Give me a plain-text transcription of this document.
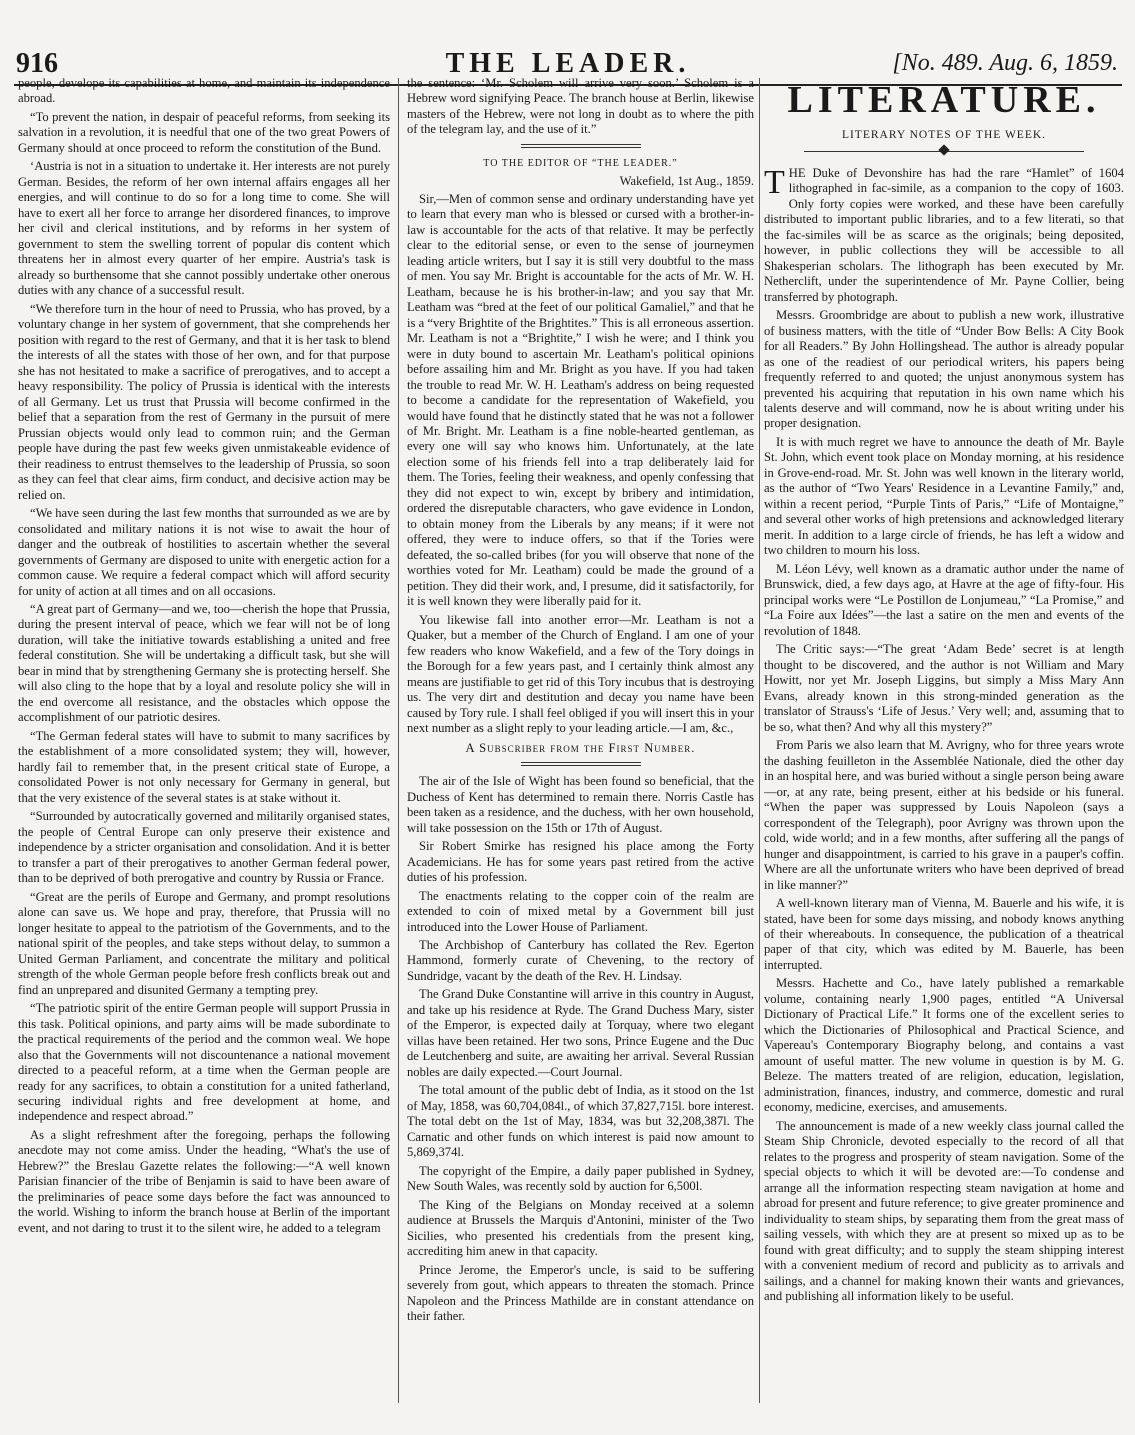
916	THE LEADER.	[No. 489. Aug. 6, 1859.

people, develope its capabilities at home, and maintain its independence abroad.

“To prevent the nation, in despair of peaceful reforms, from seeking its salvation in a revolution, it is needful that one of the two great Powers of Germany should at once proceed to reform the constitution of the Bund.

‘Austria is not in a situation to undertake it. Her interests are not purely German. Besides, the reform of her own internal affairs engages all her energies, and will continue to do so for a long time to come. She will have to exert all her force to arrange her disordered finances, to improve her civil and clerical institutions, and by reforms in her system of government to stem the swelling torrent of popular dis content which threatens her in almost every quarter of her empire. Austria's task is already so burthensome that she cannot possibly undertake other onerous duties with any chance of a successful result.

“We therefore turn in the hour of need to Prussia, who has proved, by a voluntary change in her system of government, that she comprehends her position with regard to the rest of Germany, and that it is her task to blend the interests of all the states with those of her own, and for that purpose she has not hesitated to make a sacrifice of prerogatives, and to accept a heavy responsibility. The policy of Prussia is identical with the interests of all Germany. Let us trust that Prussia will become confirmed in the belief that a separation from the rest of Germany in the pursuit of mere Prussian objects would only lead to common ruin; and the German people have during the past few weeks given unmistakeable evidence of their readiness to entrust themselves to the leadership of Prussia, so soon as they can feel that clear aims, firm conduct, and decisive action may be relied on.

“We have seen during the last few months that surrounded as we are by consolidated and military nations it is not wise to await the hour of danger and the outbreak of hostilities to ascertain whether the several governments of Germany are disposed to unite with energetic action for a common cause. We require a federal compact which will afford security for unity of action at all times and on all occasions.

“A great part of Germany—and we, too—cherish the hope that Prussia, during the present interval of peace, which we fear will not be of long duration, will take the initiative towards establishing a united and free federal constitution. She will be undertaking a difficult task, but she will bear in mind that by strengthening Germany she is protecting herself. She will also cling to the hope that by a loyal and resolute policy she will in the end overcome all resistance, and the obstacles which oppose the accomplishment of our patriotic desires.

“The German federal states will have to submit to many sacrifices by the establishment of a more consolidated system; they will, however, hardly fail to remember that, in the present critical state of Europe, a consolidated Power is not only necessary for Germany in general, but that the very existence of the several states is at stake without it.

“Surrounded by autocratically governed and militarily organised states, the people of Central Europe can only preserve their existence and independence by a stricter organisation and consolidation. And it is better to transfer a part of their prerogatives to another German federal power, than to be deprived of both prerogative and country by Russia or France.

“Great are the perils of Europe and Germany, and prompt resolutions alone can save us. We hope and pray, therefore, that Prussia will no longer hesitate to appeal to the patriotism of the Governments, and to the national spirit of the peoples, and take steps without delay, to summon a United German Parliament, and concentrate the military and political strength of the whole German people before fresh conflicts break out and find an unprepared and disunited Germany a tempting prey.

“The patriotic spirit of the entire German people will support Prussia in this task. Political opinions, and party aims will be made subordinate to the practical requirements of the period and the common weal. We hope also that the Governments will not discountenance a national movement directed to a peaceful reform, at a time when the German people are ready for any sacrifices, to obtain a constitution for a united fatherland, securing individual rights and free development at home, and independence and respect abroad.”

As a slight refreshment after the foregoing, perhaps the following anecdote may not come amiss. Under the heading, “What's the use of Hebrew?” the Breslau Gazette relates the following:—“A well known Parisian financier of the tribe of Benjamin is said to have been aware of the preliminaries of peace some days before the fact was announced to the world. Wishing to inform the branch house at Berlin of the important event, and not daring to trust it to the silent wire, he added to a telegram

the sentence: ‘Mr. Scholem will arrive very soon.’ Scholem is a Hebrew word signifying Peace. The branch house at Berlin, likewise masters of the Hebrew, were not long in doubt as to where the pith of the telegram lay, and the use of it.”

TO THE EDITOR OF “THE LEADER.”
Wakefield, 1st Aug., 1859.

Sir,—Men of common sense and ordinary understanding have yet to learn that every man who is blessed or cursed with a brother-in-law is accountable for the acts of that relative. It may be perfectly clear to the editorial sense, or even to the sense of journeymen leading article writers, but I say it is still very doubtful to the mass of men. You say Mr. Bright is accountable for the acts of Mr. W. H. Leatham, because he is his brother-in-law; and you say that Mr. Leatham was “bred at the feet of our political Gamaliel,” and that he is a “very Brightite of the Brightites.” This is all erroneous assertion. Mr. Leatham is not a “Brightite,” I wish he were; and I think you were in duty bound to ascertain Mr. Leatham's political opinions before assailing him and Mr. Bright as you have. If you had taken the trouble to read Mr. W. H. Leatham's address on being requested to become a candidate for the representation of Wakefield, you would have found that he distinctly stated that he was not a follower of Mr. Bright. Mr. Leatham is a fine noble-hearted gentleman, as every one will say who knows him. Unfortunately, at the late election some of his friends fell into a trap deliberately laid for them. The Tories, feeling their weakness, and openly confessing that they did not expect to win, except by bribery and intimidation, ordered the disreputable characters, who gave evidence in London, to obtain money from the Liberals by any means; if it were not offered, they were to induce offers, so that if the Tories were defeated, the so-called bribes (for you will observe that none of the worthies voted for Mr. Leatham) could be made the ground of a petition. They did their work, and, I presume, did it satisfactorily, for it is well known they were liberally paid for it.

You likewise fall into another error—Mr. Leatham is not a Quaker, but a member of the Church of England. I am one of your few readers who know Wakefield, and a few of the Tory doings in the Borough for a few years past, and I certainly think almost any means are justifiable to get rid of this Tory incubus that is destroying us. The very dirt and destitution and decay you name have been caused by Tory rule. I shall feel obliged if you will insert this in your next number as a slight reply to your leading article.—I am, &c.,

A Subscriber from the First Number.

The air of the Isle of Wight has been found so beneficial, that the Duchess of Kent has determined to remain there. Norris Castle has been taken as a residence, and the duchess, with her own household, will take possession on the 15th or 17th of August.

Sir Robert Smirke has resigned his place among the Forty Academicians. He has for some years past retired from the active duties of his profession.

The enactments relating to the copper coin of the realm are extended to coin of mixed metal by a Government bill just introduced into the Lower House of Parliament.

The Archbishop of Canterbury has collated the Rev. Egerton Hammond, formerly curate of Chevening, to the rectory of Sundridge, vacant by the death of the Rev. H. Lindsay.

The Grand Duke Constantine will arrive in this country in August, and take up his residence at Ryde. The Grand Duchess Mary, sister of the Emperor, is expected daily at Torquay, where two elegant villas have been retained. Her two sons, Prince Eugene and the Duc de Leutchenberg and suite, are awaiting her arrival. Several Russian nobles are daily expected.—Court Journal.

The total amount of the public debt of India, as it stood on the 1st of May, 1858, was 60,704,084l., of which 37,827,715l. bore interest. The total debt on the 1st of May, 1834, was but 32,208,387l. The Carnatic and other funds on which interest is paid now amount to 5,869,374l.

The copyright of the Empire, a daily paper published in Sydney, New South Wales, was recently sold by auction for 6,500l.

The King of the Belgians on Monday received at a solemn audience at Brussels the Marquis d'Antonini, minister of the Two Sicilies, who presented his credentials from the present king, accrediting him anew in that capacity.

Prince Jerome, the Emperor's uncle, is said to be suffering severely from gout, which appears to threaten the stomach. Prince Napoleon and the Princess Mathilde are in constant attendance on their father.

LITERATURE.
LITERARY NOTES OF THE WEEK.

THE Duke of Devonshire has had the rare “Hamlet” of 1604 lithographed in fac-simile, as a companion to the copy of 1603. Only forty copies were worked, and these have been carefully distributed to important public libraries, and to a few literati, so that the fac-similes will be as scarce as the originals; being deposited, however, in public collections they will be accessible to all Shakesperian scholars. The lithograph has been executed by Mr. Netherclift, under the superintendence of Mr. Payne Collier, being transferred by photograph.

Messrs. Groombridge are about to publish a new work, illustrative of business matters, with the title of “Under Bow Bells: A City Book for all Readers.” By John Hollingshead. The author is already popular as one of the readiest of our periodical writers, his papers being frequently referred to and quoted; the unjust anonymous system has prevented his acquiring that reputation in his own name which his talents deserve and will command, now he is about writing under his proper designation.

It is with much regret we have to announce the death of Mr. Bayle St. John, which event took place on Monday morning, at his residence in Grove-end-road. Mr. St. John was well known in the literary world, as the author of “Two Years' Residence in a Levantine Family,” and, within a recent period, “Purple Tints of Paris,” “Life of Montaigne,” and several other works of high pretensions and acknowledged literary merit. In addition to a large circle of friends, he has left a widow and two children to mourn his loss.

M. Léon Lévy, well known as a dramatic author under the name of Brunswick, died, a few days ago, at Havre at the age of fifty-four. His principal works were “Le Postillon de Lonjumeau,” “La Promise,” and “La Foire aux Idées”—the last a satire on the men and events of the revolution of 1848.

The Critic says:—“The great ‘Adam Bede’ secret is at length thought to be discovered, and the author is not William and Mary Howitt, nor yet Mr. Joseph Liggins, but simply a Miss Mary Ann Evans, already known in this strong-minded generation as the translator of Strauss's ‘Life of Jesus.’ Very well; and, assuming that to be so, what then? And why all this mystery?”

From Paris we also learn that M. Avrigny, who for three years wrote the dashing feuilleton in the Assemblée Nationale, died the other day in an hospital here, and was buried without a single person being aware—or, at any rate, being present, either at his bedside or his funeral. “When the paper was suppressed by Louis Napoleon (says a correspondent of the Telegraph), poor Avrigny was thrown upon the cold, wide world; and in a few months, after suffering all the pangs of hunger and disappointment, is carried to his grave in a pauper's coffin. Where are all the unfortunate writers who have been deprived of bread in like manner?”

A well-known literary man of Vienna, M. Bauerle and his wife, it is stated, have been for some days missing, and nobody knows anything of their whereabouts. In consequence, the publication of a theatrical paper of that city, which was edited by M. Bauerle, has been interrupted.

Messrs. Hachette and Co., have lately published a remarkable volume, containing nearly 1,900 pages, entitled “A Universal Dictionary of Practical Life.” It forms one of the excellent series to which the Dictionaries of Philosophical and Practical Science, and Vapereau's Contemporary Biography belong, and contains a vast amount of useful matter. The new volume in question is by M. G. Beleze. The matters treated of are religion, education, legislation, administration, finances, industry, and commerce, domestic and rural economy, medicine, exercises, and amusements.

The announcement is made of a new weekly class journal called the Steam Ship Chronicle, devoted especially to the record of all that relates to the progress and prosperity of steam navigation. Some of the special objects to which it will be devoted are:—To condense and arrange all the information respecting steam navigation at home and abroad for present and future reference; to give greater prominence and individuality to steam ships, by separating them from the great mass of sailing vessels, with which they are at present so mixed up as to be found with great difficulty; and to supply the steam shipping interest with a convenient medium of record and publicity as to arrivals and sailings, and a channel for making known their wants and grievances, and publishing all information likely to be useful.
